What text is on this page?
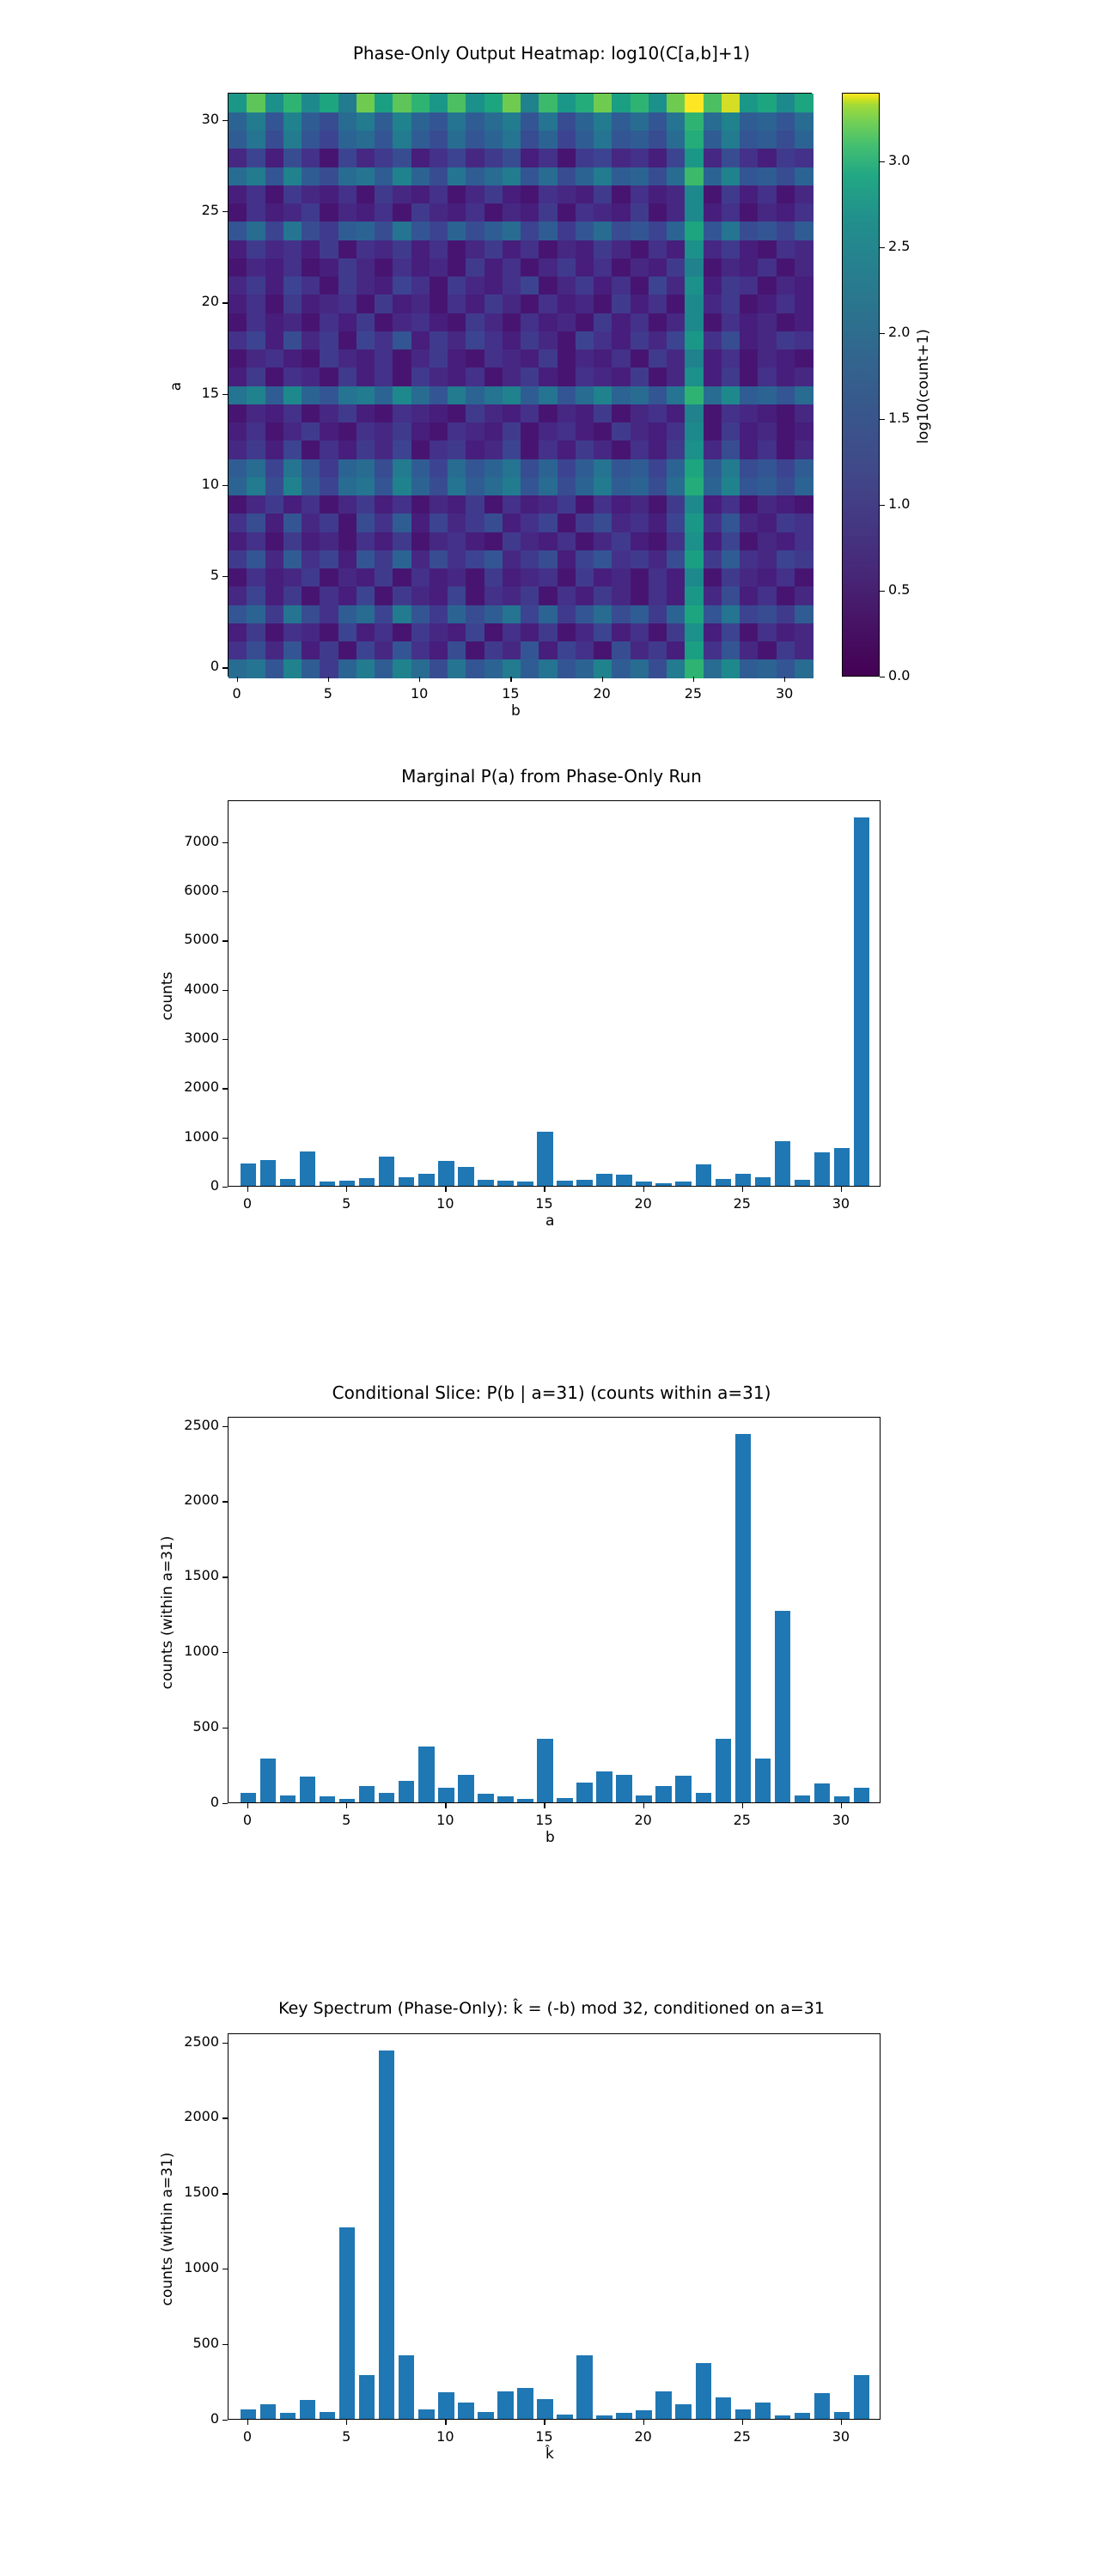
Phase-Only Output Heatmap: log10(C[a,b]+1)
0	5	10	15	20	25	30
0
5
10
15
20
25
30
0.0
0.5
1.0
1.5
2.0
2.5
3.0
b
a	log10(count+1)
Marginal P(a) from Phase-Only Run
0	5	10	15	20	25	30
0
1000
2000
3000
4000
5000
6000
7000
a
counts
Conditional Slice: P(b | a=31) (counts within a=31)
0	5	10	15	20	25	30
0
500
1000
1500
2000
2500
b
counts (within a=31)
Key Spectrum (Phase-Only): k̂ = (-b) mod 32, conditioned on a=31
0	5	10	15	20	25	30
0
500
1000
1500
2000
2500
k̂
counts (within a=31)
